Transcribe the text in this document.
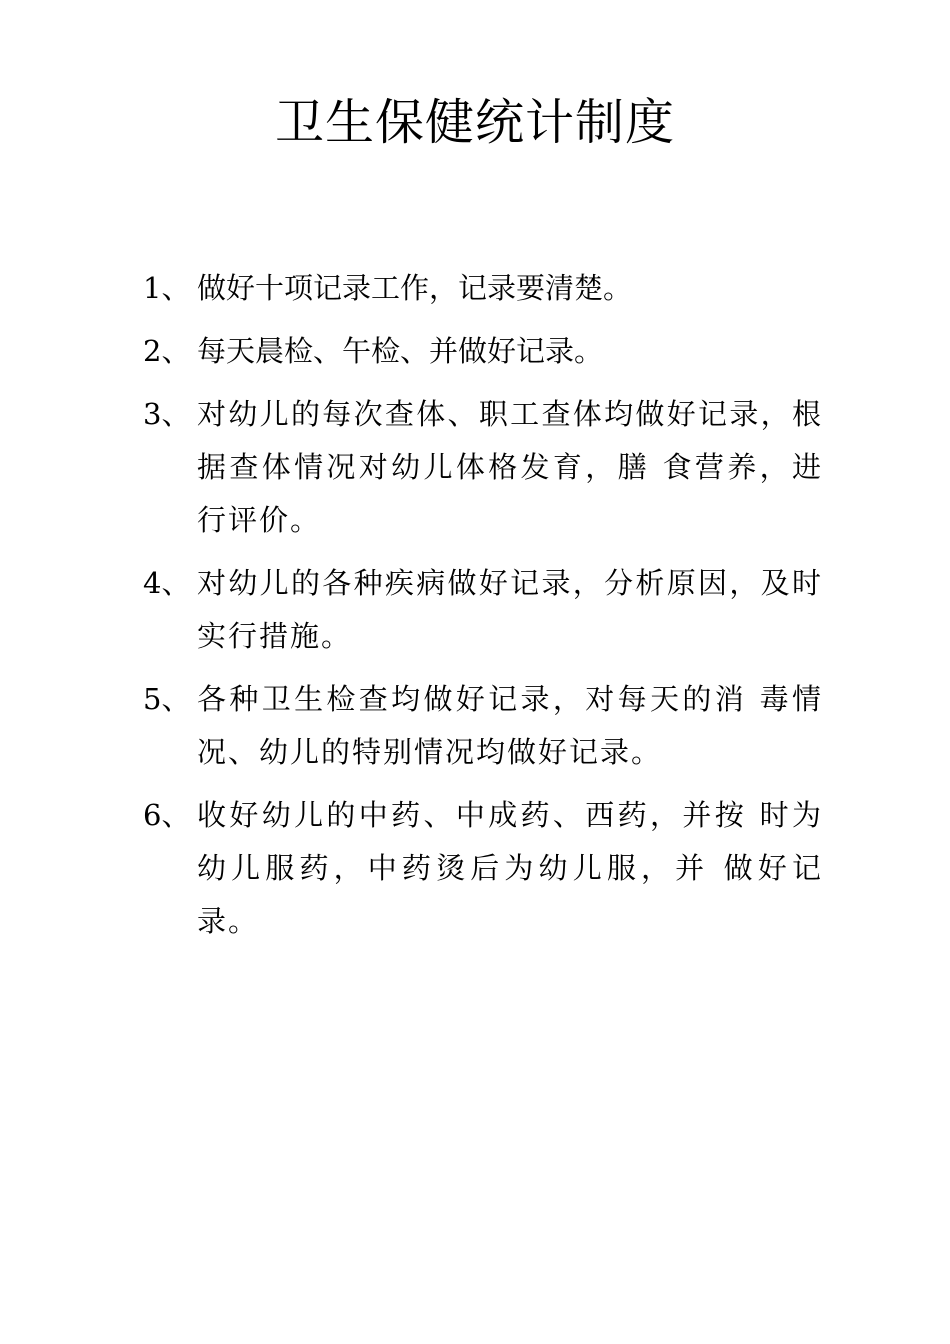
卫生保健统计制度
1、 做好十项记录工作，记录要清楚。
2、 每天晨检、午检、并做好记录。
3、 对幼儿的每次查体、职工查体均做好记录，根据查体情况对幼儿体格发育，膳 食营养，进行评价。
4、 对幼儿的各种疾病做好记录，分析原因，及时实行措施。
5、 各种卫生检查均做好记录，对每天的消 毒情况、幼儿的特别情况均做好记录。
6、 收好幼儿的中药、中成药、西药，并按 时为幼儿服药，中药烫后为幼儿服，并 做好记录。
